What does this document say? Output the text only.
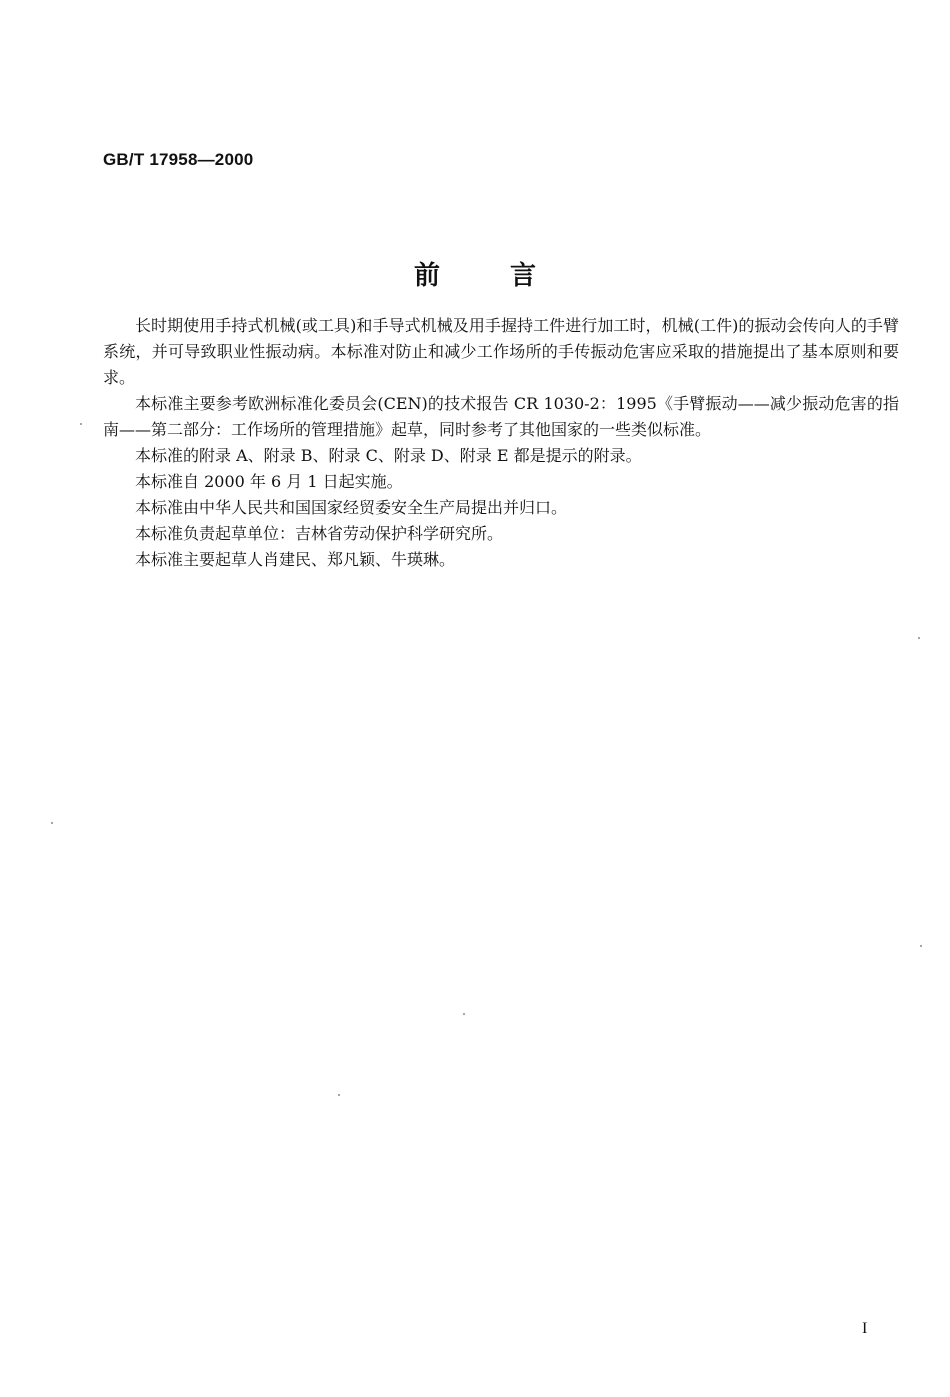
GB/T 17958—2000
前言

长时期使用手持式机械(或工具)和手导式机械及用手握持工件进行加工时，机械(工件)的振动会传向人的手臂系统，并可导致职业性振动病。本标准对防止和减少工作场所的手传振动危害应采取的措施提出了基本原则和要求。

本标准主要参考欧洲标准化委员会(CEN)的技术报告 CR 1030-2：1995《手臂振动——减少振动危害的指南——第二部分：工作场所的管理措施》起草，同时参考了其他国家的一些类似标准。

本标准的附录 A、附录 B、附录 C、附录 D、附录 E 都是提示的附录。

本标准自 2000 年 6 月 1 日起实施。

本标准由中华人民共和国国家经贸委安全生产局提出并归口。

本标准负责起草单位：吉林省劳动保护科学研究所。

本标准主要起草人肖建民、郑凡颖、牛瑛琳。

I
